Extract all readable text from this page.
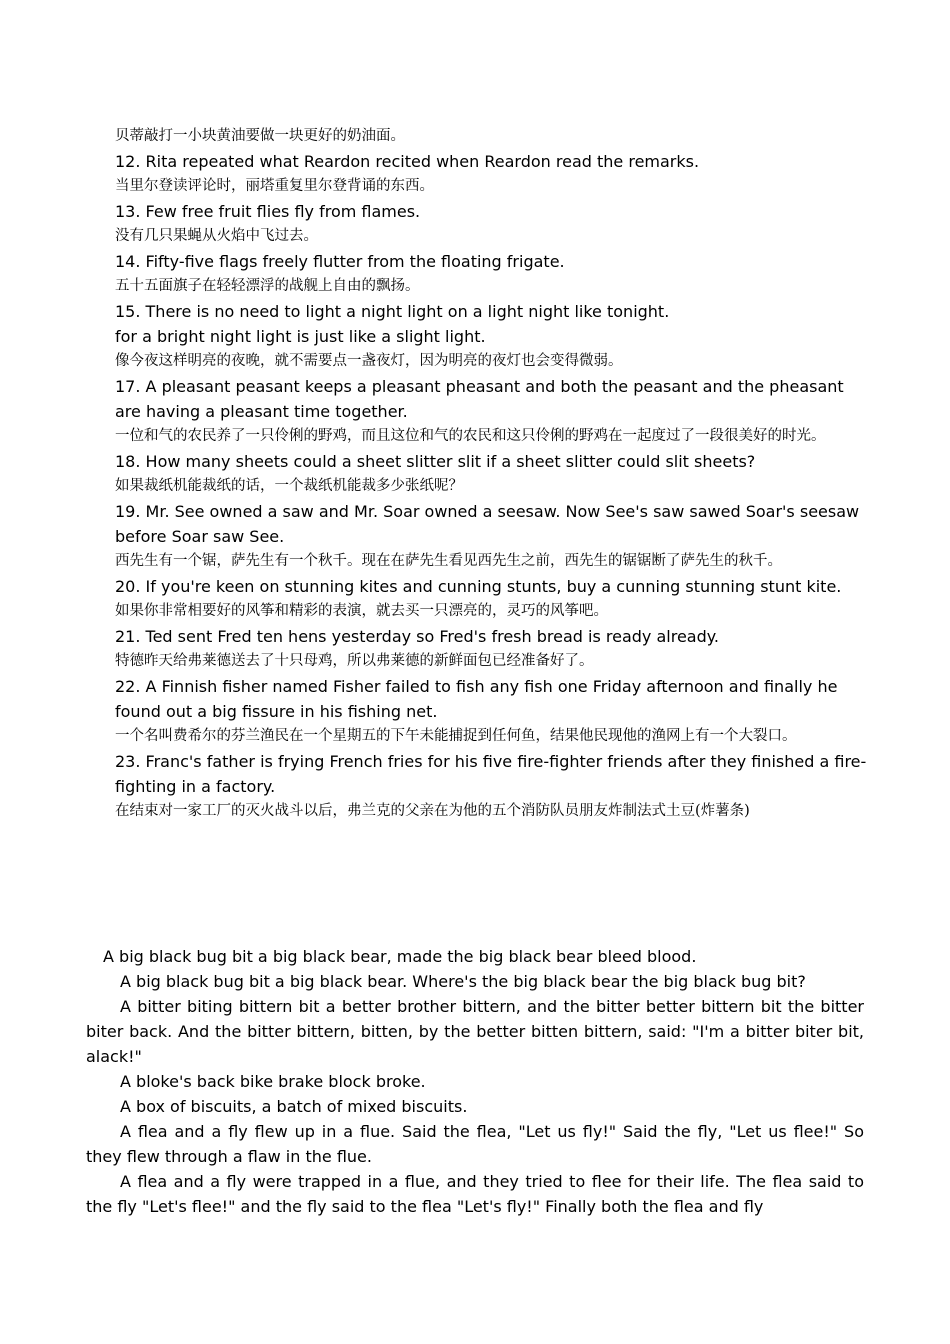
贝蒂敲打一小块黄油要做一块更好的奶油面。

12. Rita repeated what Reardon recited when Reardon read the remarks.

当里尔登读评论时，丽塔重复里尔登背诵的东西。

13. Few free fruit flies fly from flames.

没有几只果蝇从火焰中飞过去。

14. Fifty-five flags freely flutter from the floating frigate.

五十五面旗子在轻轻漂浮的战舰上自由的飘扬。

15. There is no need to light a night light on a light night like tonight.

for a bright night light is just like a slight light.

像今夜这样明亮的夜晚，就不需要点一盏夜灯，因为明亮的夜灯也会变得微弱。

17. A pleasant peasant keeps a pleasant pheasant and both the peasant and the pheasant are having a pleasant time together.

一位和气的农民养了一只伶俐的野鸡，而且这位和气的农民和这只伶俐的野鸡在一起度过了一段很美好的时光。

18. How many sheets could a sheet slitter slit if a sheet slitter could slit sheets?

如果裁纸机能裁纸的话，一个裁纸机能裁多少张纸呢？

19. Mr. See owned a saw and Mr. Soar owned a seesaw. Now See's saw sawed Soar's seesaw before Soar saw See.

西先生有一个锯，萨先生有一个秋千。现在在萨先生看见西先生之前，西先生的锯锯断了萨先生的秋千。

20. If you're keen on stunning kites and cunning stunts, buy a cunning stunning stunt kite.

如果你非常相要好的风筝和精彩的表演，就去买一只漂亮的，灵巧的风筝吧。

21. Ted sent Fred ten hens yesterday so Fred's fresh bread is ready already.

特德昨天给弗莱德送去了十只母鸡，所以弗莱德的新鲜面包已经准备好了。

22. A Finnish fisher named Fisher failed to fish any fish one Friday afternoon and finally he found out a big fissure in his fishing net.

一个名叫费希尔的芬兰渔民在一个星期五的下午未能捕捉到任何鱼，结果他民现他的渔网上有一个大裂口。

23. Franc's father is frying French fries for his five fire-fighter friends after they finished a fire-fighting in a factory.

在结束对一家工厂的灭火战斗以后，弗兰克的父亲在为他的五个消防队员朋友炸制法式土豆(炸薯条)

A big black bug bit a big black bear, made the big black bear bleed blood.

A big black bug bit a big black bear. Where's the big black bear the big black bug bit?

A bitter biting bittern bit a better brother bittern, and the bitter better bittern bit the bitter biter back. And the bitter bittern, bitten, by the better bitten bittern, said: "I'm a bitter biter bit, alack!"

A bloke's back bike brake block broke.

A box of biscuits, a batch of mixed biscuits.

A flea and a fly flew up in a flue. Said the flea, "Let us fly!" Said the fly, "Let us flee!" So they flew through a flaw in the flue.

A flea and a fly were trapped in a flue, and they tried to flee for their life. The flea said to the fly "Let's flee!" and the fly said to the flea "Let's fly!" Finally both the flea and fly
